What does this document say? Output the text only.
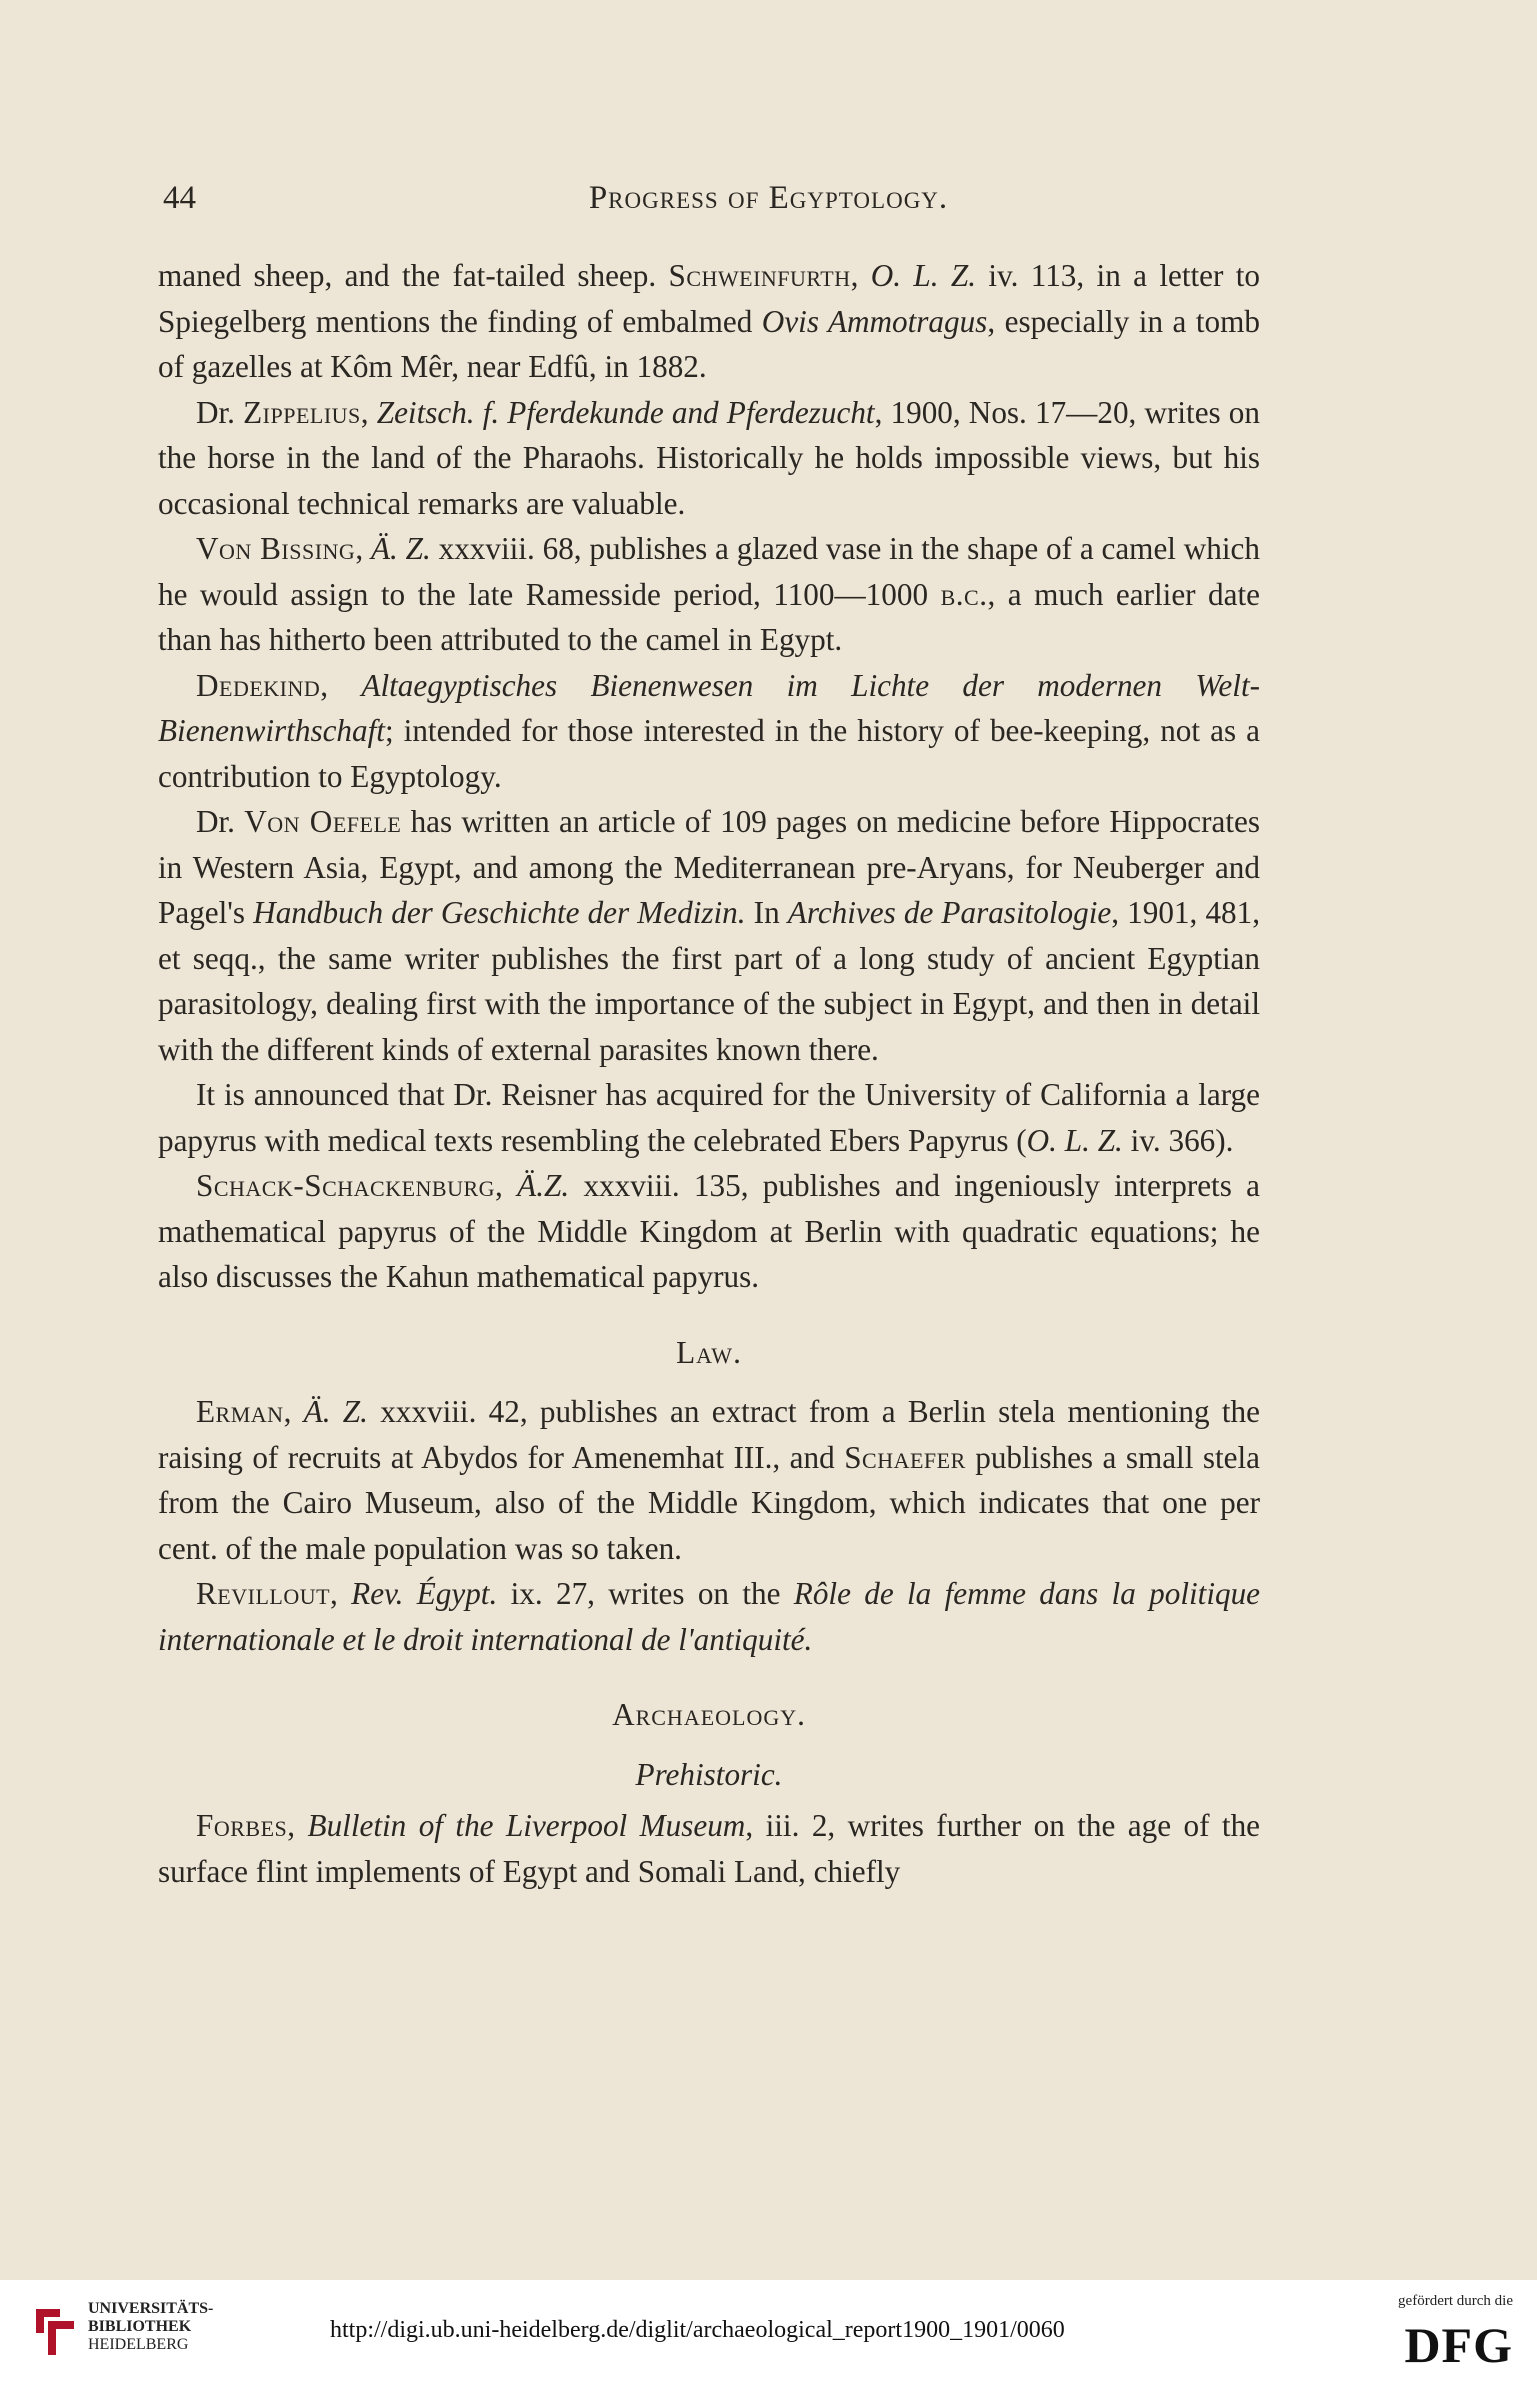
44	Progress of Egyptology.

maned sheep, and the fat-tailed sheep. Schweinfurth, O. L. Z. iv. 113, in a letter to Spiegelberg mentions the finding of embalmed Ovis Ammotragus, especially in a tomb of gazelles at Kôm Mêr, near Edfû, in 1882.

Dr. Zippelius, Zeitsch. f. Pferdekunde and Pferdezucht, 1900, Nos. 17—20, writes on the horse in the land of the Pharaohs. Historically he holds impossible views, but his occasional technical remarks are valuable.

Von Bissing, Ä. Z. xxxviii. 68, publishes a glazed vase in the shape of a camel which he would assign to the late Ramesside period, 1100—1000 b.c., a much earlier date than has hitherto been attributed to the camel in Egypt.

Dedekind, Altaegyptisches Bienenwesen im Lichte der modernen Welt-Bienenwirthschaft; intended for those interested in the history of bee-keeping, not as a contribution to Egyptology.

Dr. Von Oefele has written an article of 109 pages on medicine before Hippocrates in Western Asia, Egypt, and among the Mediterranean pre-Aryans, for Neuberger and Pagel's Handbuch der Geschichte der Medizin. In Archives de Parasitologie, 1901, 481, et seqq., the same writer publishes the first part of a long study of ancient Egyptian parasitology, dealing first with the importance of the subject in Egypt, and then in detail with the different kinds of external parasites known there.

It is announced that Dr. Reisner has acquired for the University of California a large papyrus with medical texts resembling the celebrated Ebers Papyrus (O. L. Z. iv. 366).

Schack-Schackenburg, Ä.Z. xxxviii. 135, publishes and ingeniously interprets a mathematical papyrus of the Middle Kingdom at Berlin with quadratic equations; he also discusses the Kahun mathematical papyrus.

Law.

Erman, Ä. Z. xxxviii. 42, publishes an extract from a Berlin stela mentioning the raising of recruits at Abydos for Amenemhat III., and Schaefer publishes a small stela from the Cairo Museum, also of the Middle Kingdom, which indicates that one per cent. of the male population was so taken.

Revillout, Rev. Égypt. ix. 27, writes on the Rôle de la femme dans la politique internationale et le droit international de l'antiquité.

Archaeology.
Prehistoric.

Forbes, Bulletin of the Liverpool Museum, iii. 2, writes further on the age of the surface flint implements of Egypt and Somali Land, chiefly

UNIVERSITÄTS-
BIBLIOTHEK
HEIDELBERG
http://digi.ub.uni-heidelberg.de/diglit/archaeological_report1900_1901/0060
gefördert durch die
DFG
